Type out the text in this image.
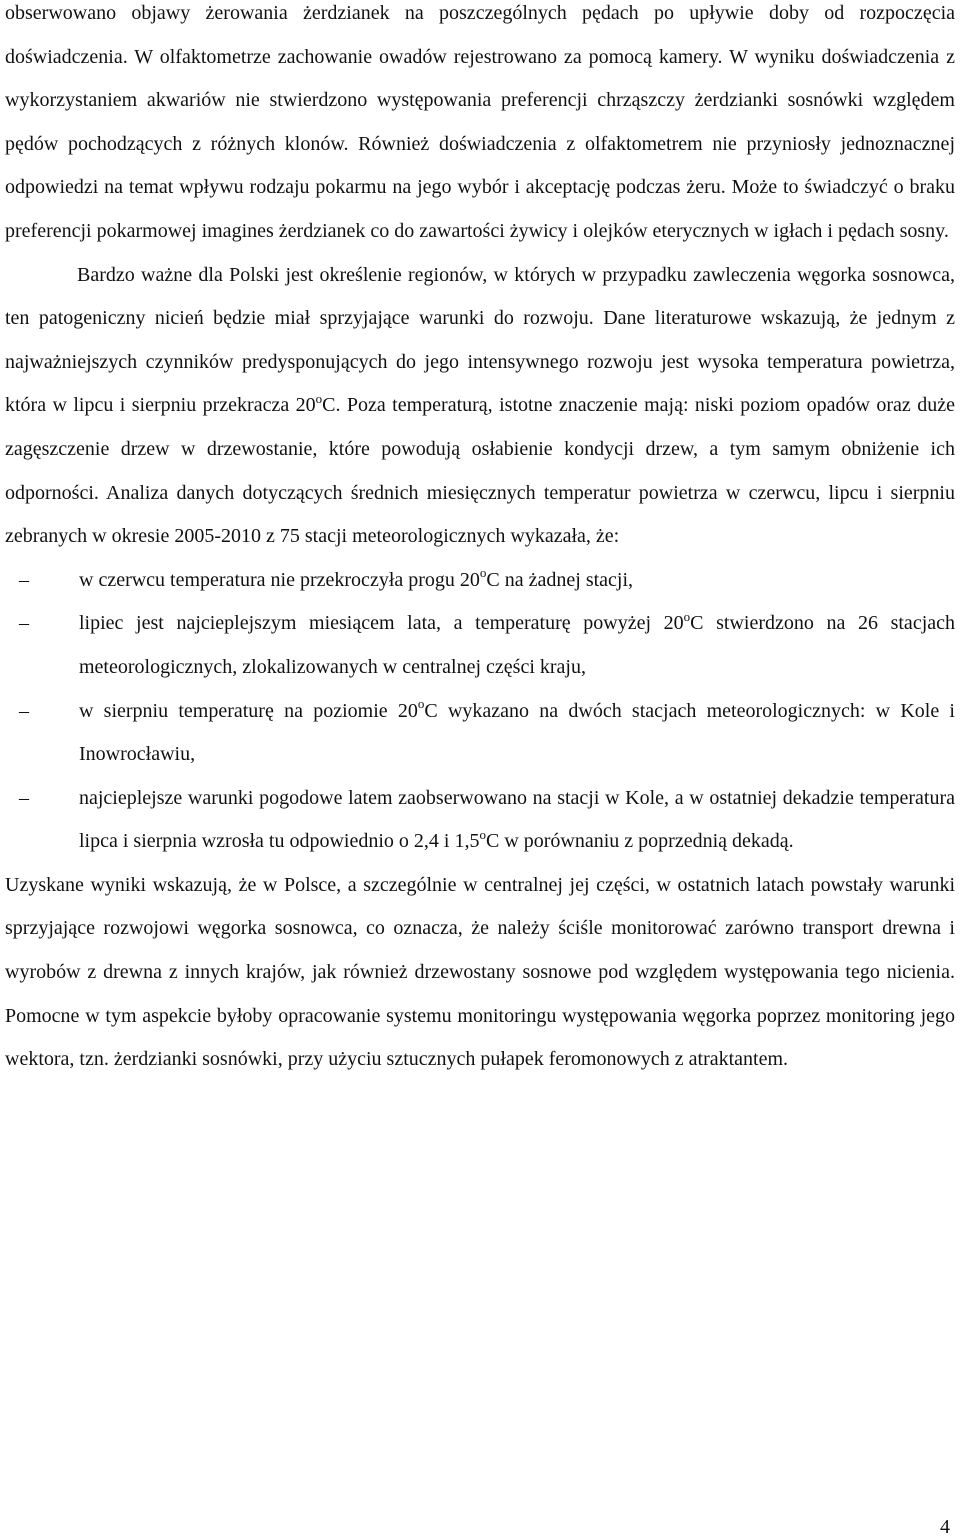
obserwowano objawy żerowania żerdzianek na poszczególnych pędach po upływie doby od rozpoczęcia doświadczenia. W olfaktometrze zachowanie owadów rejestrowano za pomocą kamery. W wyniku doświadczenia z wykorzystaniem akwariów nie stwierdzono występowania preferencji chrząszczy żerdzianki sosnówki względem pędów pochodzących z różnych klonów. Również doświadczenia z olfaktometrem nie przyniosły jednoznacznej odpowiedzi na temat wpływu rodzaju pokarmu na jego wybór i akceptację podczas żeru. Może to świadczyć o braku preferencji pokarmowej imagines żerdzianek co do zawartości żywicy i olejków eterycznych w igłach i pędach sosny.

Bardzo ważne dla Polski jest określenie regionów, w których w przypadku zawleczenia węgorka sosnowca, ten patogeniczny nicień będzie miał sprzyjające warunki do rozwoju. Dane literaturowe wskazują, że jednym z najważniejszych czynników predysponujących do jego intensywnego rozwoju jest wysoka temperatura powietrza, która w lipcu i sierpniu przekracza 20$^o$C. Poza temperaturą, istotne znaczenie mają: niski poziom opadów oraz duże zagęszczenie drzew w drzewostanie, które powodują osłabienie kondycji drzew, a tym samym obniżenie ich odporności. Analiza danych dotyczących średnich miesięcznych temperatur powietrza w czerwcu, lipcu i sierpniu zebranych w okresie 2005-2010 z 75 stacji meteorologicznych wykazała, że:

–	w czerwcu temperatura nie przekroczyła progu 20$^o$C na żadnej stacji,
–	lipiec jest najcieplejszym miesiącem lata, a temperaturę powyżej 20$^o$C stwierdzono na 26 stacjach meteorologicznych, zlokalizowanych w centralnej części kraju,
–	w sierpniu temperaturę na poziomie 20$^o$C wykazano na dwóch stacjach meteorologicznych: w Kole i Inowrocławiu,
–	najcieplejsze warunki pogodowe latem zaobserwowano na stacji w Kole, a w ostatniej dekadzie temperatura lipca i sierpnia wzrosła tu odpowiednio o 2,4 i 1,5$^o$C w porównaniu z poprzednią dekadą.

Uzyskane wyniki wskazują, że w Polsce, a szczególnie w centralnej jej części, w ostatnich latach powstały warunki sprzyjające rozwojowi węgorka sosnowca, co oznacza, że należy ściśle monitorować zarówno transport drewna i wyrobów z drewna z innych krajów, jak również drzewostany sosnowe pod względem występowania tego nicienia. Pomocne w tym aspekcie byłoby opracowanie systemu monitoringu występowania węgorka poprzez monitoring jego wektora, tzn. żerdzianki sosnówki, przy użyciu sztucznych pułapek feromonowych z atraktantem.

4
